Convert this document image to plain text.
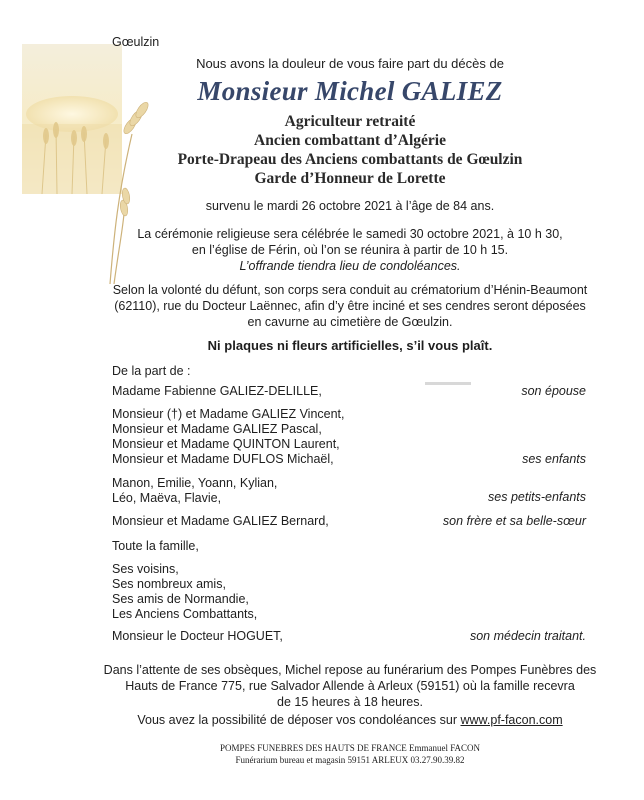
Gœulzin
Nous avons la douleur de vous faire part du décès de
Monsieur Michel GALIEZ
Agriculteur retraité
Ancien combattant d’Algérie
Porte-Drapeau des Anciens combattants de Gœulzin
Garde d’Honneur de Lorette
survenu le mardi 26 octobre 2021 à l’âge de 84 ans.
La cérémonie religieuse sera célébrée le samedi 30 octobre 2021, à 10 h 30,
en l’église de Férin, où l’on se réunira à partir de 10 h 15.
L’offrande tiendra lieu de condoléances.
Selon la volonté du défunt, son corps sera conduit au crématorium d’Hénin-Beaumont
(62110), rue du Docteur Laënnec, afin d’y être inciné et ses cendres seront déposées
en cavurne au cimetière de Gœulzin.
Ni plaques ni fleurs artificielles, s’il vous plaît.
De la part de :
Madame Fabienne GALIEZ-DELILLE,	son épouse
Monsieur (†) et Madame GALIEZ Vincent,
Monsieur et Madame GALIEZ Pascal,
Monsieur et Madame QUINTON Laurent,
Monsieur et Madame DUFLOS Michaël,	ses enfants
Manon, Emilie, Yoann, Kylian,
Léo, Maëva, Flavie,	ses petits-enfants
Monsieur et Madame GALIEZ Bernard,	son frère et sa belle-sœur
Toute la famille,
Ses voisins,
Ses nombreux amis,
Ses amis de Normandie,
Les Anciens Combattants,
Monsieur le Docteur HOGUET,	son médecin traitant.
Dans l’attente de ses obsèques, Michel repose au funérarium des Pompes Funèbres des
Hauts de France 775, rue Salvador Allende à Arleux (59151) où la famille recevra
de 15 heures à 18 heures.
Vous avez la possibilité de déposer vos condoléances sur www.pf-facon.com
POMPES FUNEBRES DES HAUTS DE FRANCE Emmanuel FACON
Funérarium bureau et magasin 59151 ARLEUX 03.27.90.39.82
